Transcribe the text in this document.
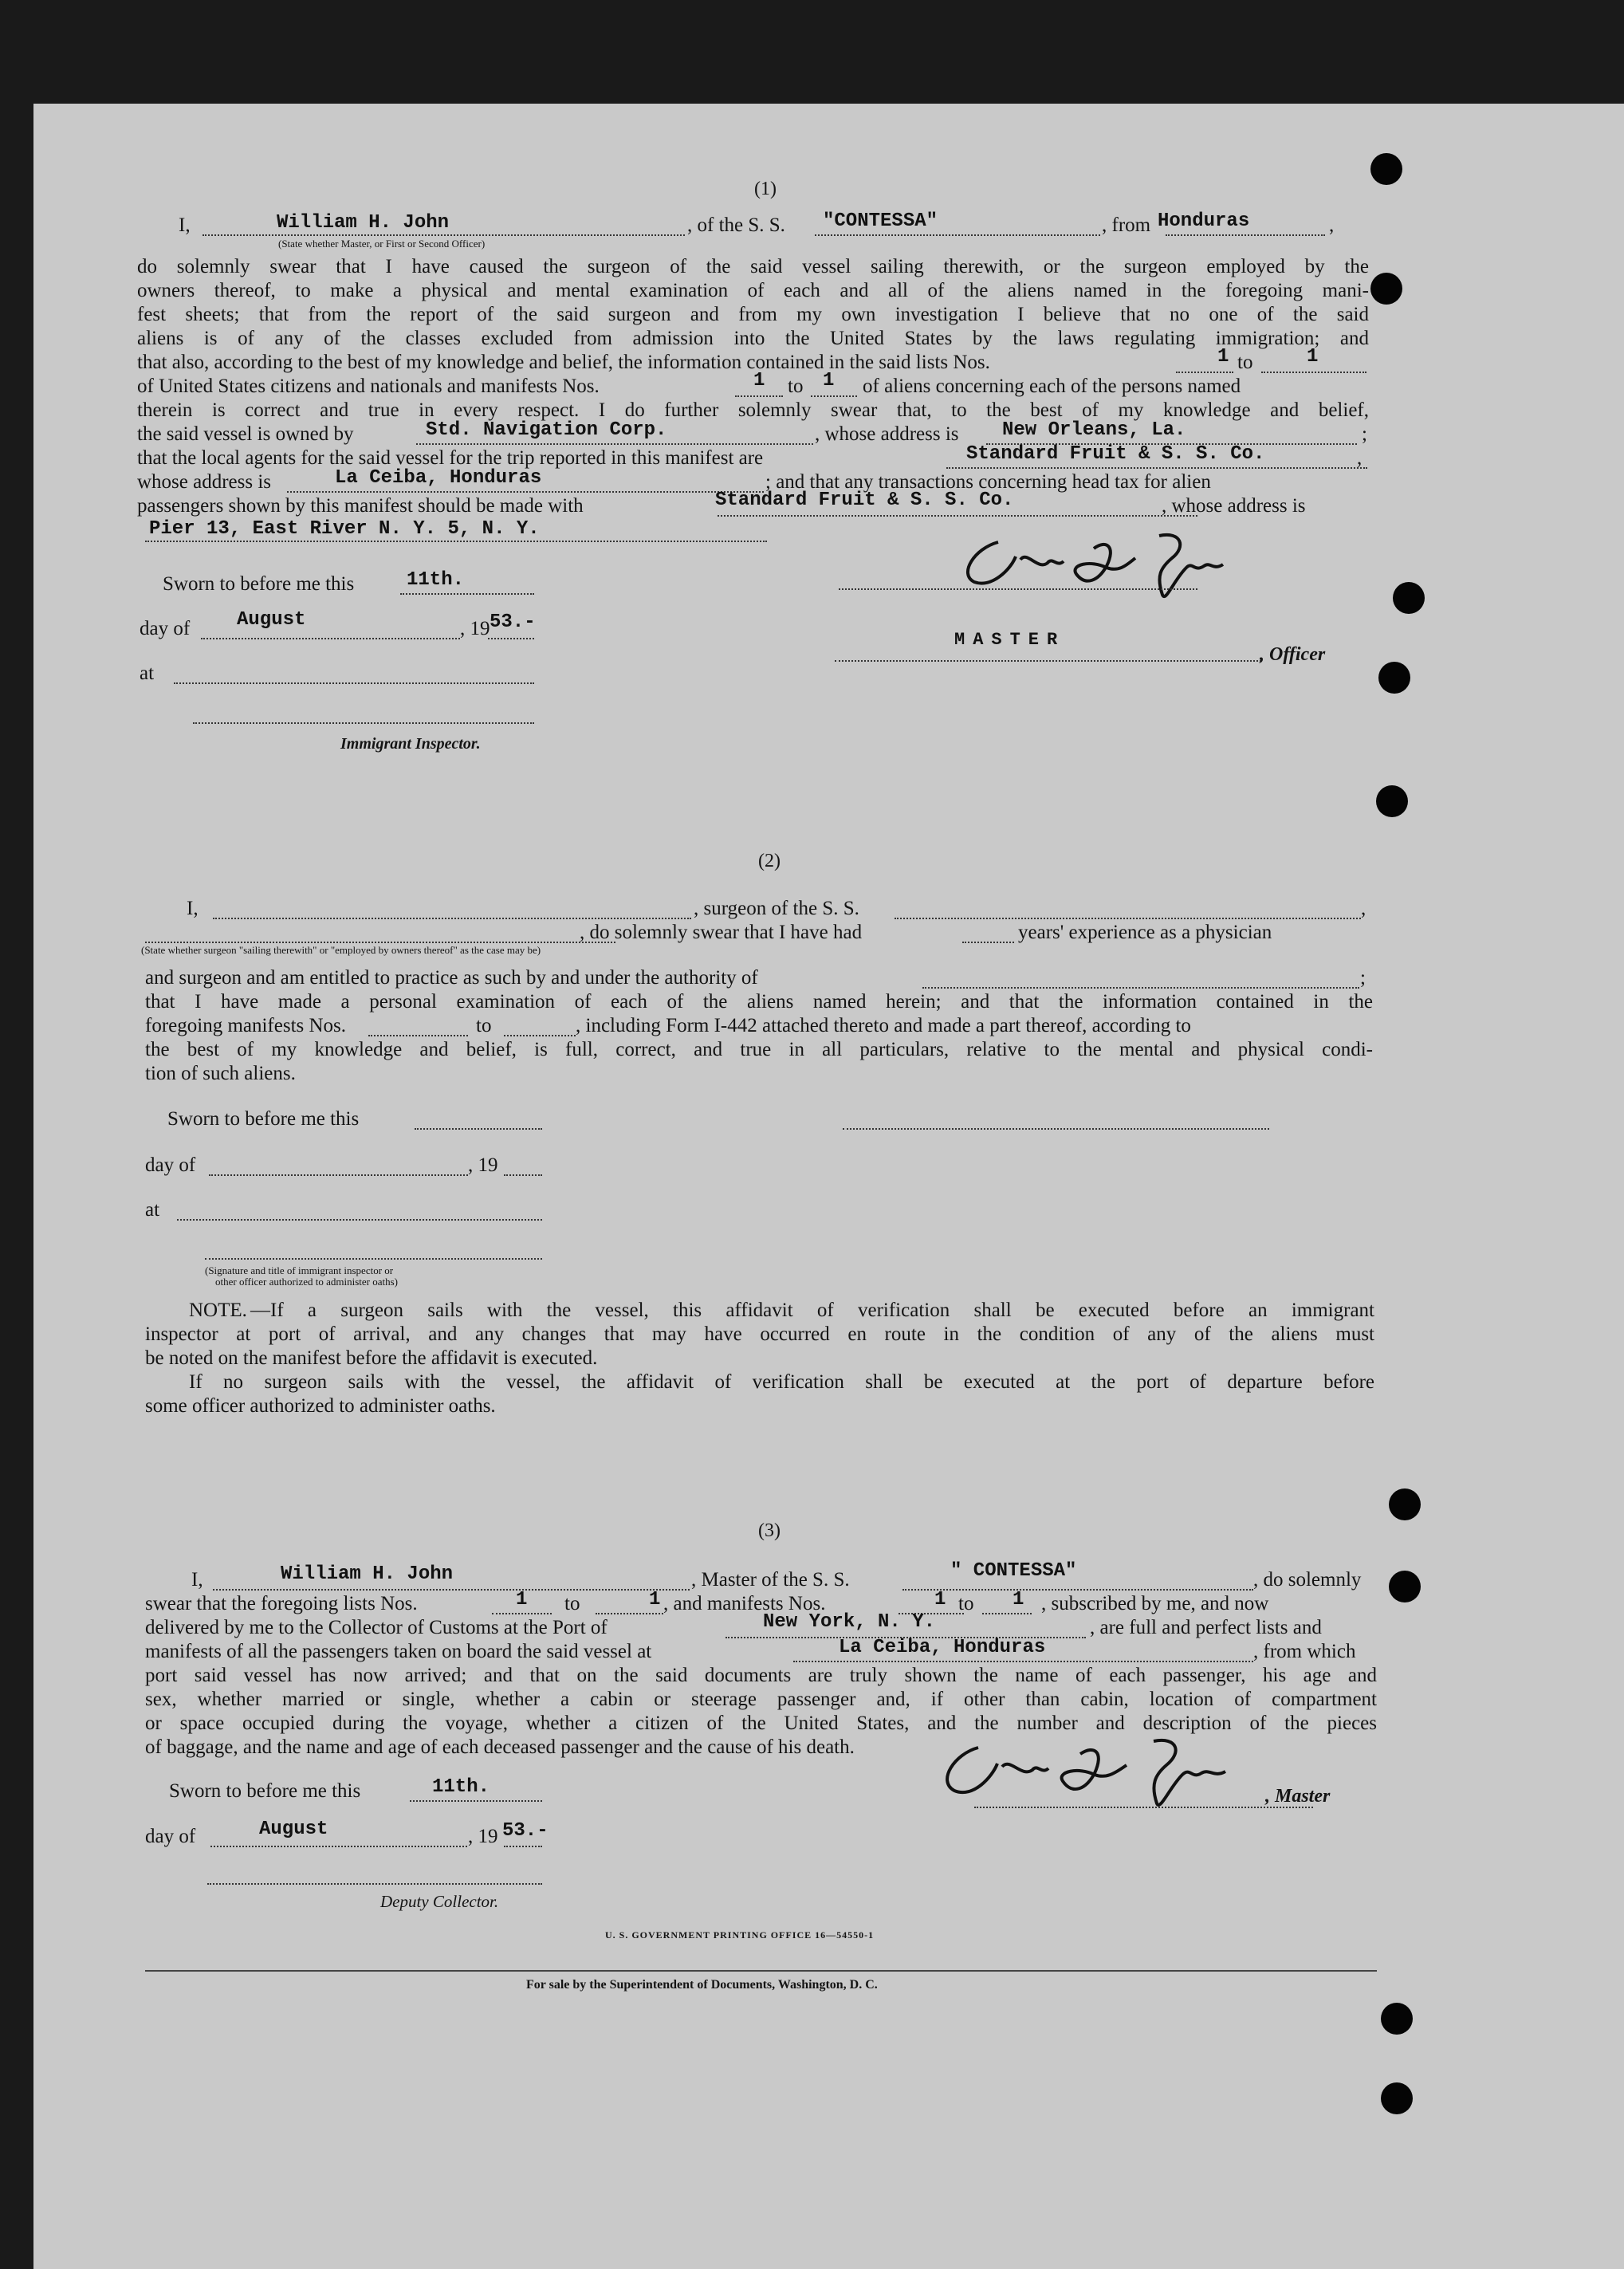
(1)
I,	William H. John	, of the S. S. "CONTESSA"	, from Honduras	,
(State whether Master, or First or Second Officer)
do solemnly swear that I have caused the surgeon of the said vessel sailing therewith, or the surgeon employed by the
owners thereof, to make a physical and mental examination of each and all of the aliens named in the foregoing mani-
fest sheets; that from the report of the said surgeon and from my own investigation I believe that no one of the said
aliens is of any of the classes excluded from admission into the United States by the laws regulating immigration; and
that also, according to the best of my knowledge and belief, the information contained in the said lists Nos.	1 to	1
of United States citizens and nationals and manifests Nos.	1 to 1 of aliens concerning each of the persons named
therein is correct and true in every respect. I do further solemnly swear that, to the best of my knowledge and belief,
the said vessel is owned by	Std. Navigation Corp.	, whose address is New Orleans, La.	;
that the local agents for the said vessel for the trip reported in this manifest are	Standard Fruit & S. S. Co.	,
whose address is	La Ceiba, Honduras	; and that any transactions concerning head tax for alien
passengers shown by this manifest should be made with	Standard Fruit & S. S. Co.	, whose address is
Pier 13, East River N. Y. 5, N. Y.
Sworn to before me this	11th.
day of August	, 19 53.-
MASTER
, Officer
at
Immigrant Inspector.
(2)
I,	, surgeon of the S. S.	,
, do solemnly swear that I have had	years' experience as a physician
(State whether surgeon "sailing therewith" or "employed by owners thereof" as the case may be)
and surgeon and am entitled to practice as such by and under the authority of	;
that I have made a personal examination of each of the aliens named herein; and that the information contained in the
foregoing manifests Nos.	to	, including Form I-442 attached thereto and made a part thereof, according to
the best of my knowledge and belief, is full, correct, and true in all particulars, relative to the mental and physical condi-
tion of such aliens.
Sworn to before me this
day of	, 19
at
(Signature and title of immigrant inspector or
other officer authorized to administer oaths)
NOTE. —If a surgeon sails with the vessel, this affidavit of verification shall be executed before an immigrant
inspector at port of arrival, and any changes that may have occurred en route in the condition of any of the aliens must
be noted on the manifest before the affidavit is executed.
If no surgeon sails with the vessel, the affidavit of verification shall be executed at the port of departure before
some officer authorized to administer oaths.
(3)
I,	William H. John	, Master of the S. S.	" CONTESSA"	, do solemnly
swear that the foregoing lists Nos.	1 to	1 , and manifests Nos.	1 to 1 , subscribed by me, and now
delivered by me to the Collector of Customs at the Port of	New York, N. Y.	, are full and perfect lists and
manifests of all the passengers taken on board the said vessel at	La Ceiba, Honduras	, from which
port said vessel has now arrived; and that on the said documents are truly shown the name of each passenger, his age and
sex, whether married or single, whether a cabin or steerage passenger and, if other than cabin, location of compartment
or space occupied during the voyage, whether a citizen of the United States, and the number and description of the pieces
of baggage, and the name and age of each deceased passenger and the cause of his death.
Sworn to before me this	11th.	, Master
day of	August	, 19 53.-
Deputy Collector.
U. S. GOVERNMENT PRINTING OFFICE 16—54550-1
For sale by the Superintendent of Documents, Washington, D. C.
